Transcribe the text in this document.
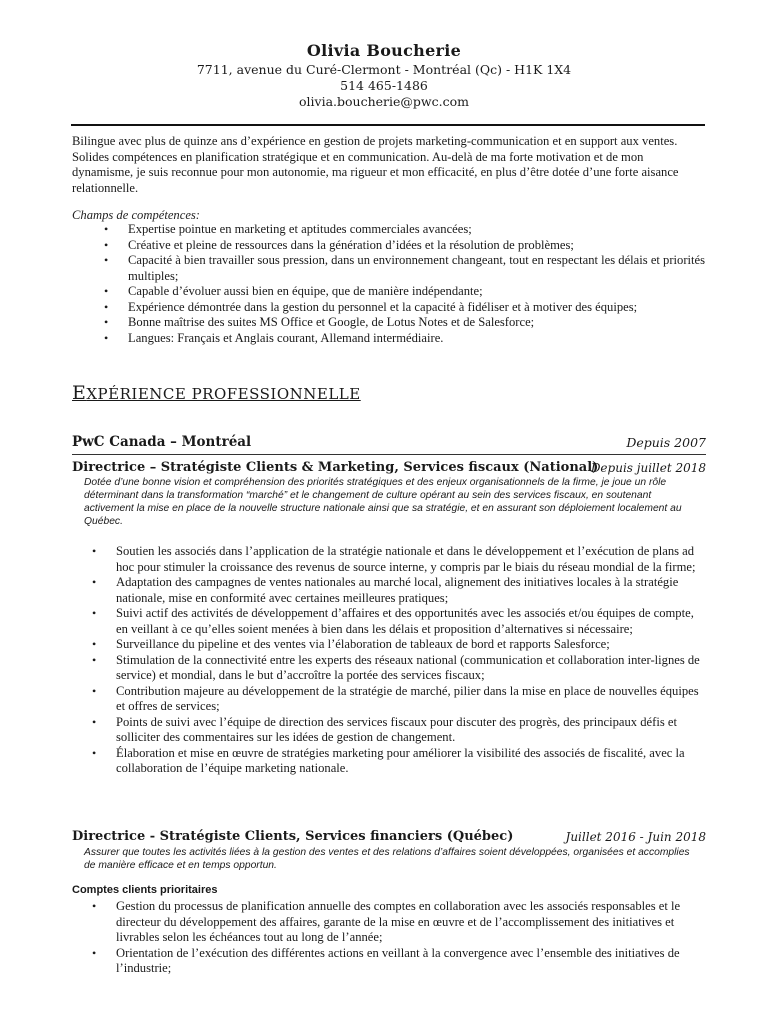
Olivia Boucherie
7711, avenue du Curé-Clermont - Montréal (Qc) - H1K 1X4
514 465-1486
olivia.boucherie@pwc.com
Bilingue avec plus de quinze ans d’expérience en gestion de projets marketing-communication et en support aux ventes. Solides compétences en planification stratégique et en communication. Au-delà de ma forte motivation et de mon dynamisme, je suis reconnue pour mon autonomie, ma rigueur et mon efficacité, en plus d’être dotée d’une forte aisance relationnelle.
Champs de compétences:
• Expertise pointue en marketing et aptitudes commerciales avancées;
• Créative et pleine de ressources dans la génération d’idées et la résolution de problèmes;
• Capacité à bien travailler sous pression, dans un environnement changeant, tout en respectant les délais et priorités multiples;
• Capable d’évoluer aussi bien en équipe, que de manière indépendante;
• Expérience démontrée dans la gestion du personnel et la capacité à fidéliser et à motiver des équipes;
• Bonne maîtrise des suites MS Office et Google, de Lotus Notes et de Salesforce;
• Langues: Français et Anglais courant, Allemand intermédiaire.
EXPÉRIENCE PROFESSIONNELLE
PwC Canada – Montréal	Depuis 2007
Directrice – Stratégiste Clients & Marketing, Services fiscaux (National)
Depuis juillet 2018
Dotée d’une bonne vision et compréhension des priorités stratégiques et des enjeux organisationnels de la firme, je joue un rôle déterminant dans la transformation “marché” et le changement de culture opérant au sein des services fiscaux, en soutenant activement la mise en place de la nouvelle structure nationale ainsi que sa stratégie, et en assurant son déploiement localement au Québec.
• Soutien les associés dans l’application de la stratégie nationale et dans le développement et l’exécution de plans ad hoc pour stimuler la croissance des revenus de source interne, y compris par le biais du réseau mondial de la firme;
• Adaptation des campagnes de ventes nationales au marché local, alignement des initiatives locales à la stratégie nationale, mise en conformité avec certaines meilleures pratiques;
• Suivi actif des activités de développement d’affaires et des opportunités avec les associés et/ou équipes de compte, en veillant à ce qu’elles soient menées à bien dans les délais et proposition d’alternatives si nécessaire;
• Surveillance du pipeline et des ventes via l’élaboration de tableaux de bord et rapports Salesforce;
• Stimulation de la connectivité entre les experts des réseaux national (communication et collaboration inter-lignes de service) et mondial, dans le but d’accroître la portée des services fiscaux;
• Contribution majeure au développement de la stratégie de marché, pilier dans la mise en place de nouvelles équipes et offres de services;
• Points de suivi avec l’équipe de direction des services fiscaux pour discuter des progrès, des principaux défis et solliciter des commentaires sur les idées de gestion de changement.
• Élaboration et mise en œuvre de stratégies marketing pour améliorer la visibilité des associés de fiscalité, avec la collaboration de l’équipe marketing nationale.
Directrice - Stratégiste Clients, Services financiers (Québec)	Juillet 2016 - Juin 2018
Assurer que toutes les activités liées à la gestion des ventes et des relations d’affaires soient développées, organisées et accomplies de manière efficace et en temps opportun.
Comptes clients prioritaires
• Gestion du processus de planification annuelle des comptes en collaboration avec les associés responsables et le directeur du développement des affaires, garante de la mise en œuvre et de l’accomplissement des initiatives et livrables selon les échéances tout au long de l’année;
• Orientation de l’exécution des différentes actions en veillant à la convergence avec l’ensemble des initiatives de l’industrie;
